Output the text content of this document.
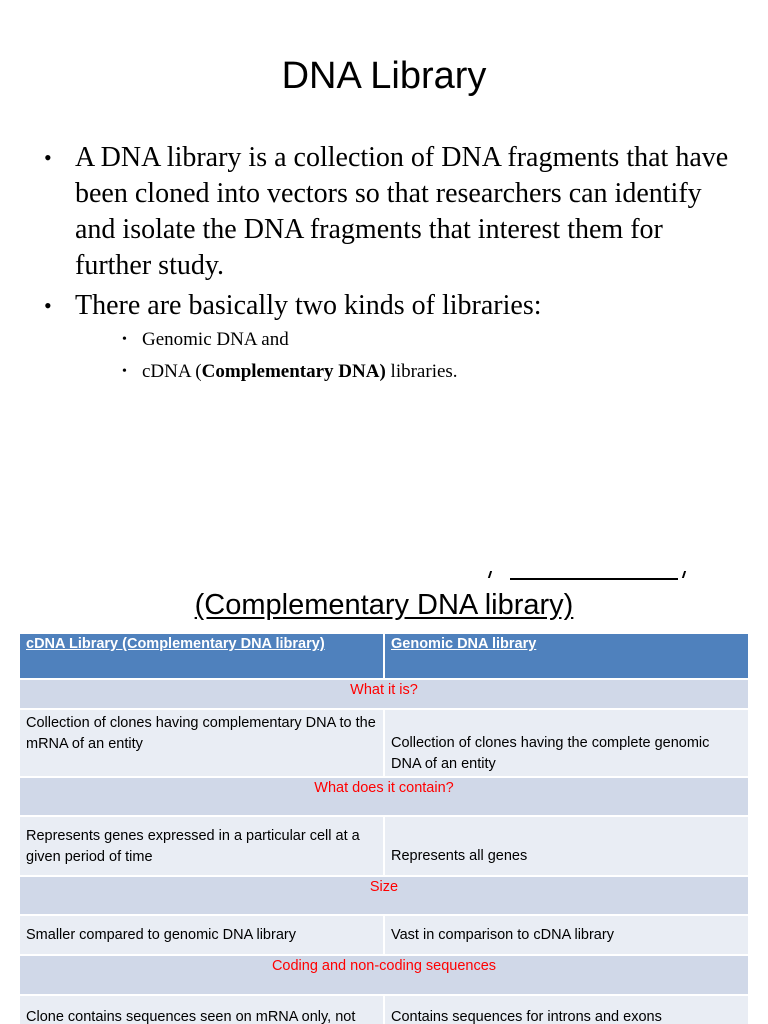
DNA Library

• A DNA library is a collection of DNA fragments that have been cloned into vectors so that researchers can identify and isolate the DNA fragments that interest them for further study.

• There are basically two kinds of libraries:

• Genomic DNA and

• cDNA (Complementary DNA) libraries.

(Complementary DNA library)
cDNA Library (Complementary DNA library)	Genomic DNA library
What it is?	
Collection of clones having complementary DNA to the mRNA of an entity	Collection of clones having the complete genomic DNA of an entity
What does it contain?	
Represents genes expressed in a particular cell at a given period of time	Represents all genes
Size	
Smaller compared to genomic DNA library	Vast in comparison to cDNA library
Coding and non-coding sequences	
Clone contains sequences seen on mRNA only, not	Contains sequences for introns and exons
